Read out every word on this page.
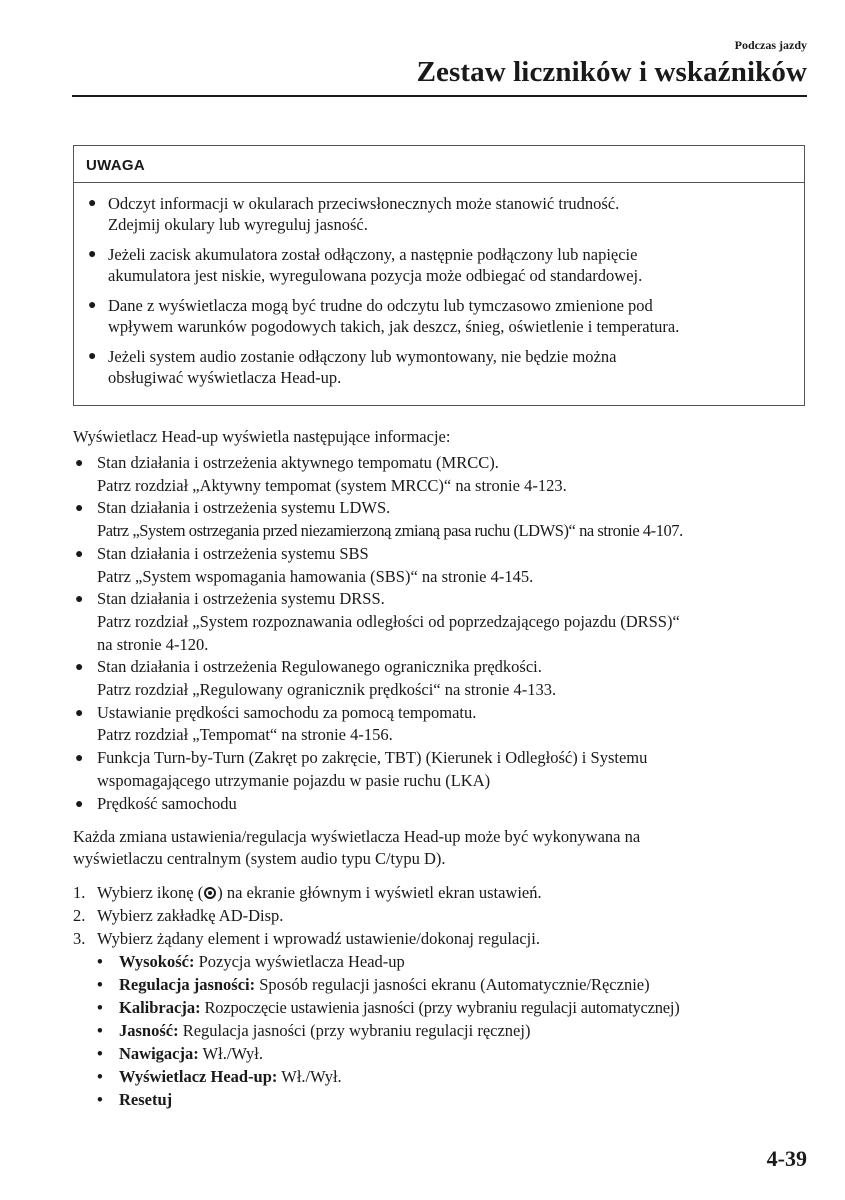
Podczas jazdy
Zestaw liczników i wskaźników
UWAGA
● Odczyt informacji w okularach przeciwsłonecznych może stanowić trudność.
Zdejmij okulary lub wyreguluj jasność.
● Jeżeli zacisk akumulatora został odłączony, a następnie podłączony lub napięcie
akumulatora jest niskie, wyregulowana pozycja może odbiegać od standardowej.
● Dane z wyświetlacza mogą być trudne do odczytu lub tymczasowo zmienione pod
wpływem warunków pogodowych takich, jak deszcz, śnieg, oświetlenie i temperatura.
● Jeżeli system audio zostanie odłączony lub wymontowany, nie będzie można
obsługiwać wyświetlacza Head-up.

Wyświetlacz Head-up wyświetla następujące informacje:

● Stan działania i ostrzeżenia aktywnego tempomatu (MRCC).
Patrz rozdział „Aktywny tempomat (system MRCC)“ na stronie 4-123.
● Stan działania i ostrzeżenia systemu LDWS.
Patrz „System ostrzegania przed niezamierzoną zmianą pasa ruchu (LDWS)“ na stronie 4-107.
● Stan działania i ostrzeżenia systemu SBS
Patrz „System wspomagania hamowania (SBS)“ na stronie 4-145.
● Stan działania i ostrzeżenia systemu DRSS.
Patrz rozdział „System rozpoznawania odległości od poprzedzającego pojazdu (DRSS)“
na stronie 4-120.
● Stan działania i ostrzeżenia Regulowanego ogranicznika prędkości.
Patrz rozdział „Regulowany ogranicznik prędkości“ na stronie 4-133.
● Ustawianie prędkości samochodu za pomocą tempomatu.
Patrz rozdział „Tempomat“ na stronie 4-156.
● Funkcja Turn-by-Turn (Zakręt po zakręcie, TBT) (Kierunek i Odległość) i Systemu
wspomagającego utrzymanie pojazdu w pasie ruchu (LKA)
● Prędkość samochodu

Każda zmiana ustawienia/regulacja wyświetlacza Head-up może być wykonywana na
wyświetlaczu centralnym (system audio typu C/typu D).

1. Wybierz ikonę ( ) na ekranie głównym i wyświetl ekran ustawień.
2. Wybierz zakładkę AD-Disp.
3. Wybierz żądany element i wprowadź ustawienie/dokonaj regulacji.
• Wysokość: Pozycja wyświetlacza Head-up
• Regulacja jasności: Sposób regulacji jasności ekranu (Automatycznie/Ręcznie)
• Kalibracja: Rozpoczęcie ustawienia jasności (przy wybraniu regulacji automatycznej)
• Jasność: Regulacja jasności (przy wybraniu regulacji ręcznej)
• Nawigacja: Wł./Wył.
• Wyświetlacz Head-up: Wł./Wył.
• Resetuj
4-39
